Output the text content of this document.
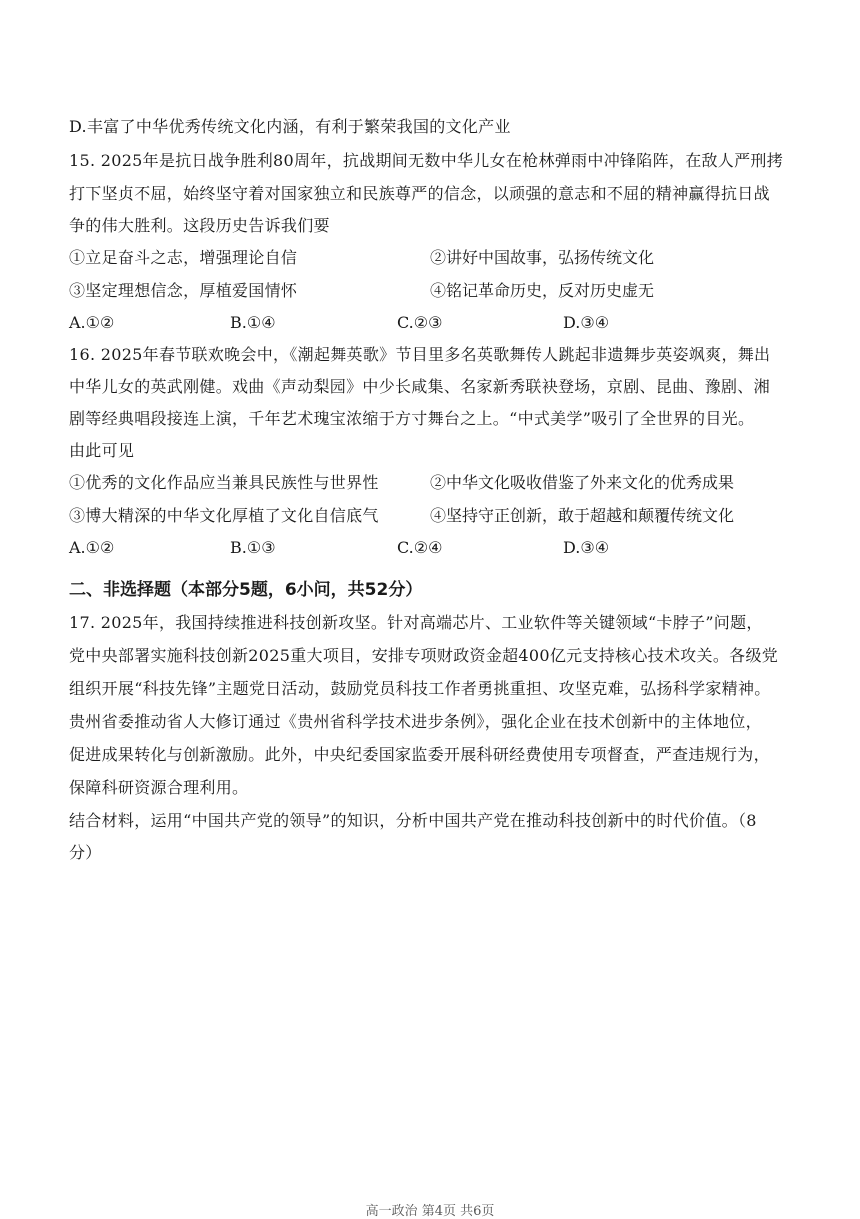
D.丰富了中华优秀传统文化内涵，有利于繁荣我国的文化产业
15. 2025年是抗日战争胜利80周年，抗战期间无数中华儿女在枪林弹雨中冲锋陷阵，在敌人严刑拷
打下坚贞不屈，始终坚守着对国家独立和民族尊严的信念，以顽强的意志和不屈的精神赢得抗日战
争的伟大胜利。这段历史告诉我们要
①立足奋斗之志，增强理论自信	②讲好中国故事，弘扬传统文化
③坚定理想信念，厚植爱国情怀	④铭记革命历史，反对历史虚无
A.①②	B.①④	C.②③	D.③④
16. 2025年春节联欢晚会中，《潮起舞英歌》节目里多名英歌舞传人跳起非遗舞步英姿飒爽，舞出
中华儿女的英武刚健。戏曲《声动梨园》中少长咸集、名家新秀联袂登场，京剧、昆曲、豫剧、湘
剧等经典唱段接连上演，千年艺术瑰宝浓缩于方寸舞台之上。“中式美学”吸引了全世界的目光。
由此可见
①优秀的文化作品应当兼具民族性与世界性	②中华文化吸收借鉴了外来文化的优秀成果
③博大精深的中华文化厚植了文化自信底气	④坚持守正创新，敢于超越和颠覆传统文化
A.①②	B.①③	C.②④	D.③④
二、非选择题（本部分5题，6小问，共52分）
17. 2025年，我国持续推进科技创新攻坚。针对高端芯片、工业软件等关键领域“卡脖子”问题，
党中央部署实施科技创新2025重大项目，安排专项财政资金超400亿元支持核心技术攻关。各级党
组织开展“科技先锋”主题党日活动，鼓励党员科技工作者勇挑重担、攻坚克难，弘扬科学家精神。
贵州省委推动省人大修订通过《贵州省科学技术进步条例》，强化企业在技术创新中的主体地位，
促进成果转化与创新激励。此外，中央纪委国家监委开展科研经费使用专项督查，严查违规行为，
保障科研资源合理利用。
结合材料，运用“中国共产党的领导”的知识，分析中国共产党在推动科技创新中的时代价值。（8
分）
高一政治 第4页 共6页
